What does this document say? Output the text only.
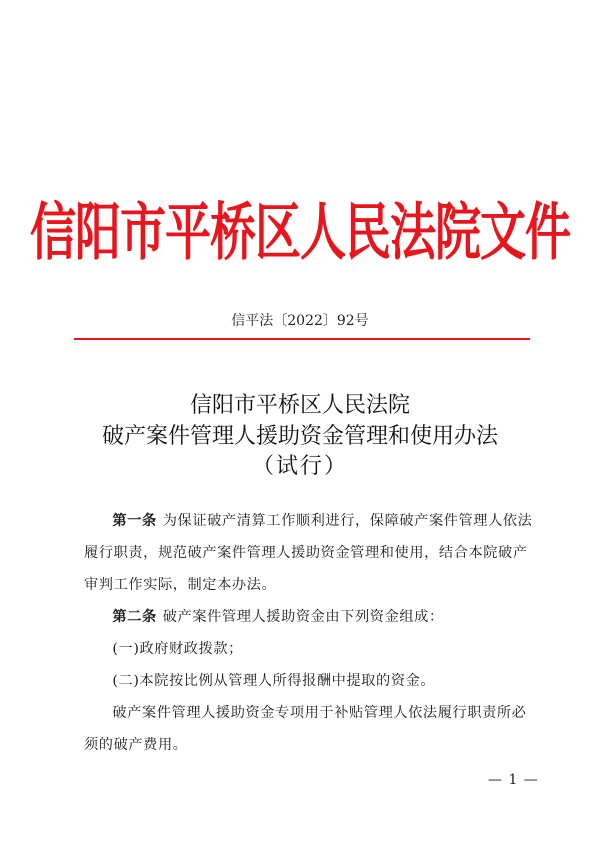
信阳市平桥区人民法院文件
信平法〔2022〕92号
信阳市平桥区人民法院
破产案件管理人援助资金管理和使用办法
（试行）

第一条 为保证破产清算工作顺利进行，保障破产案件管理人依法履行职责，规范破产案件管理人援助资金管理和使用，结合本院破产审判工作实际，制定本办法。

第二条 破产案件管理人援助资金由下列资金组成：

(一)政府财政拨款；

(二)本院按比例从管理人所得报酬中提取的资金。

破产案件管理人援助资金专项用于补贴管理人依法履行职责所必须的破产费用。

— 1 —
